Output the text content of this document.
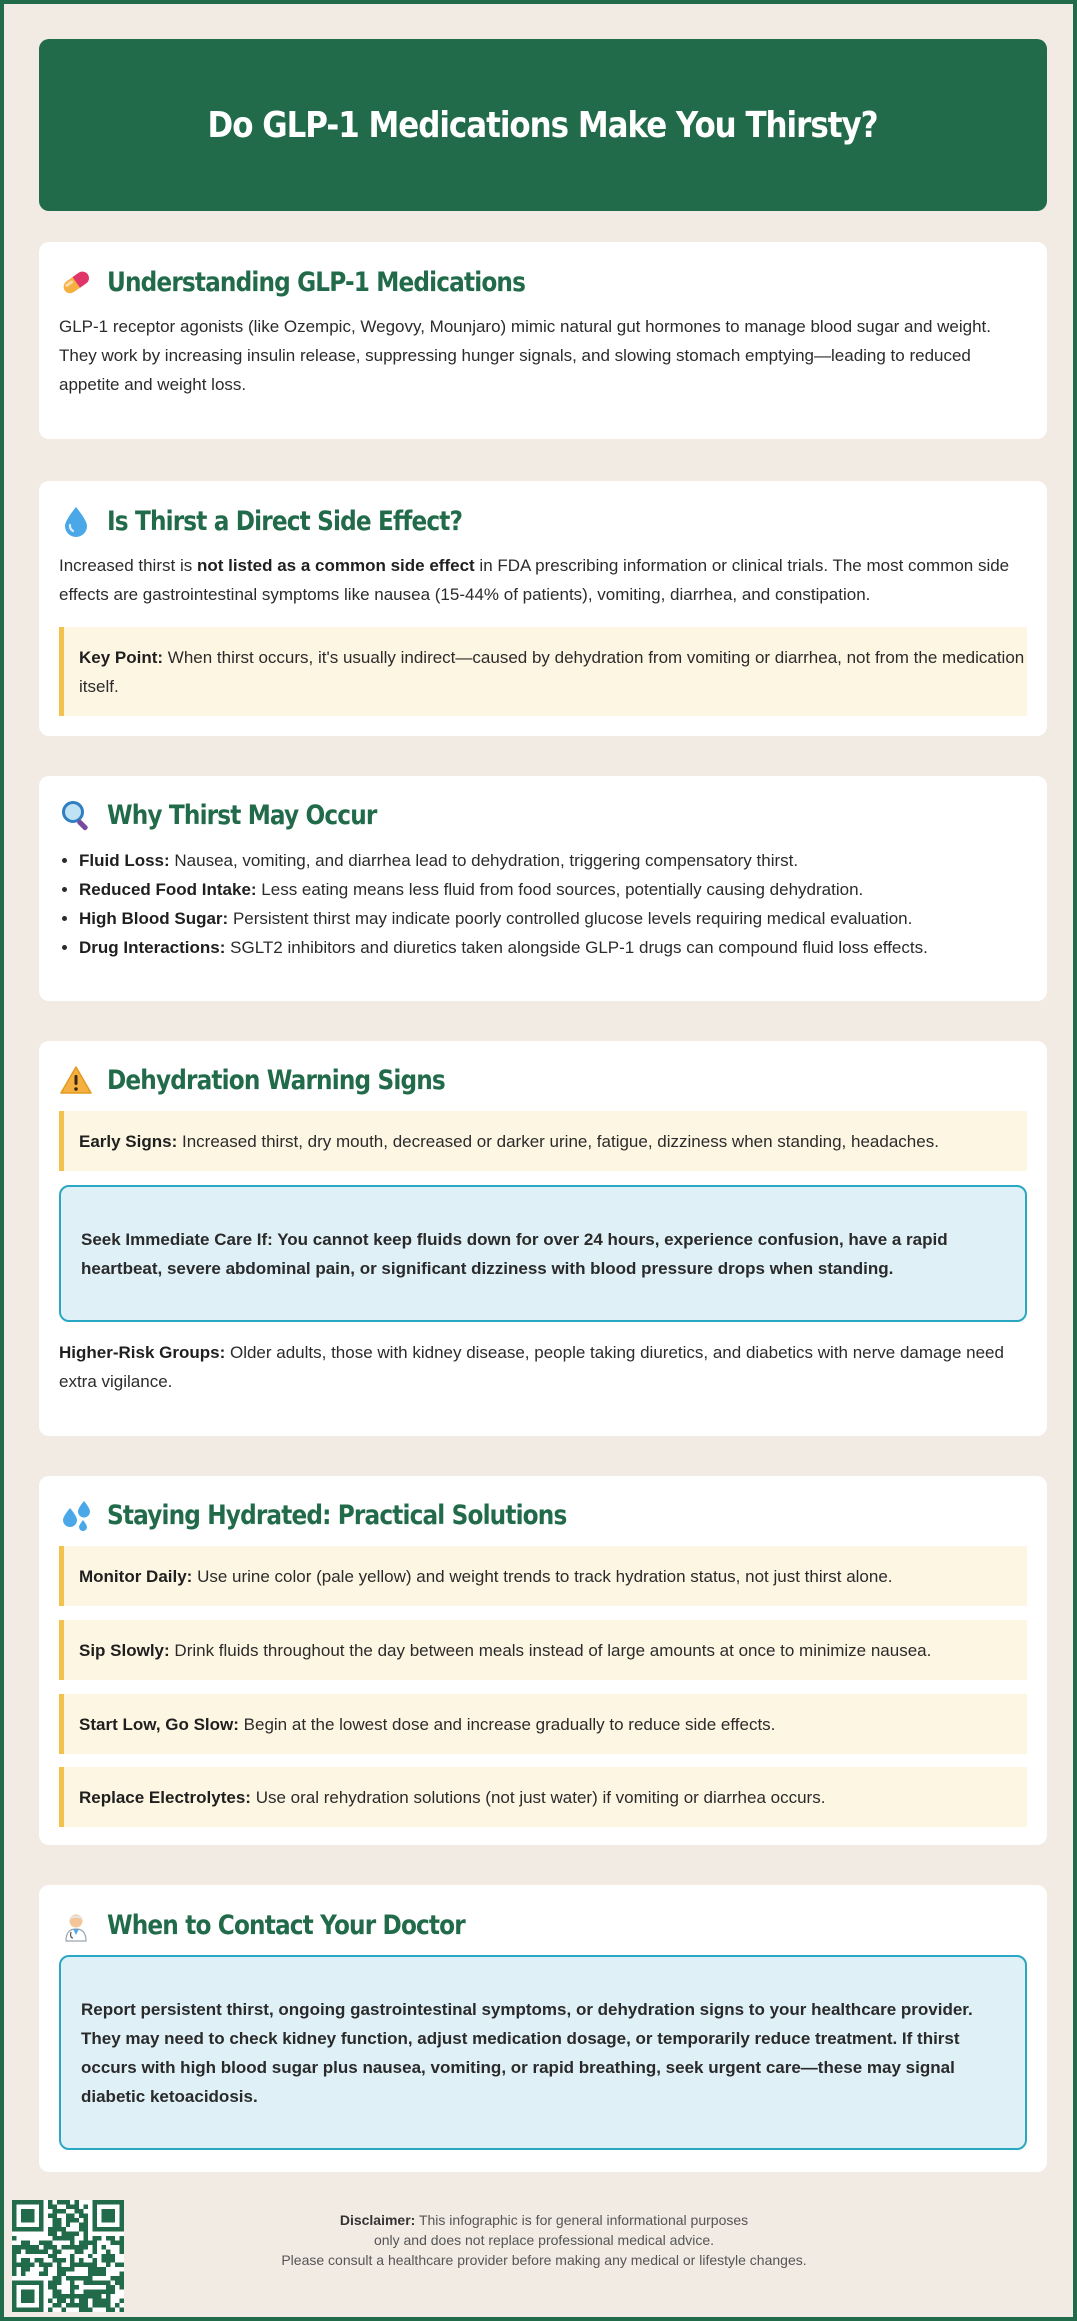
Do GLP-1 Medications Make You Thirsty?
Understanding GLP-1 Medications

GLP-1 receptor agonists (like Ozempic, Wegovy, Mounjaro) mimic natural gut hormones to manage blood sugar and weight. They work by increasing insulin release, suppressing hunger signals, and slowing stomach emptying—leading to reduced appetite and weight loss.

Is Thirst a Direct Side Effect?

Increased thirst is not listed as a common side effect in FDA prescribing information or clinical trials. The most common side effects are gastrointestinal symptoms like nausea (15-44% of patients), vomiting, diarrhea, and constipation.

Key Point: When thirst occurs, it's usually indirect—caused by dehydration from vomiting or diarrhea, not from the medication itself.
Why Thirst May Occur
• Fluid Loss: Nausea, vomiting, and diarrhea lead to dehydration, triggering compensatory thirst.
• Reduced Food Intake: Less eating means less fluid from food sources, potentially causing dehydration.
• High Blood Sugar: Persistent thirst may indicate poorly controlled glucose levels requiring medical evaluation.
• Drug Interactions: SGLT2 inhibitors and diuretics taken alongside GLP-1 drugs can compound fluid loss effects.
Dehydration Warning Signs
Early Signs: Increased thirst, dry mouth, decreased or darker urine, fatigue, dizziness when standing, headaches.
Seek Immediate Care If: You cannot keep fluids down for over 24 hours, experience confusion, have a rapid heartbeat, severe abdominal pain, or significant dizziness with blood pressure drops when standing.

Higher-Risk Groups: Older adults, those with kidney disease, people taking diuretics, and diabetics with nerve damage need extra vigilance.

Staying Hydrated: Practical Solutions
Monitor Daily: Use urine color (pale yellow) and weight trends to track hydration status, not just thirst alone.
Sip Slowly: Drink fluids throughout the day between meals instead of large amounts at once to minimize nausea.
Start Low, Go Slow: Begin at the lowest dose and increase gradually to reduce side effects.
Replace Electrolytes: Use oral rehydration solutions (not just water) if vomiting or diarrhea occurs.
When to Contact Your Doctor
Report persistent thirst, ongoing gastrointestinal symptoms, or dehydration signs to your healthcare provider. They may need to check kidney function, adjust medication dosage, or temporarily reduce treatment. If thirst occurs with high blood sugar plus nausea, vomiting, or rapid breathing, seek urgent care—these may signal diabetic ketoacidosis.
Disclaimer: This infographic is for general informational purposes
only and does not replace professional medical advice.
Please consult a healthcare provider before making any medical or lifestyle changes.
